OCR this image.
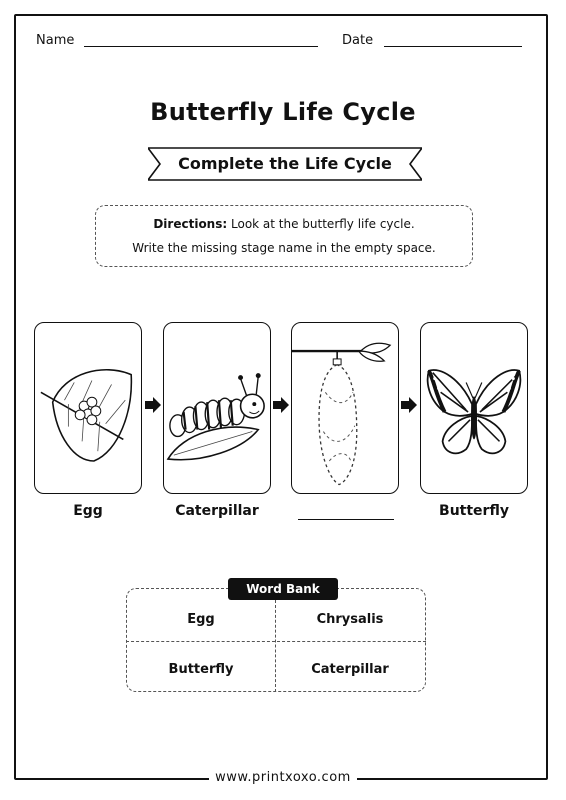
Name	Date
Butterfly Life Cycle
Complete the Life Cycle
Directions: Look at the butterfly life cycle.
Write the missing stage name in the empty space.
Egg	Caterpillar	Butterfly
Word Bank
Egg	Chrysalis
Butterfly	Caterpillar
www.printxoxo.com
